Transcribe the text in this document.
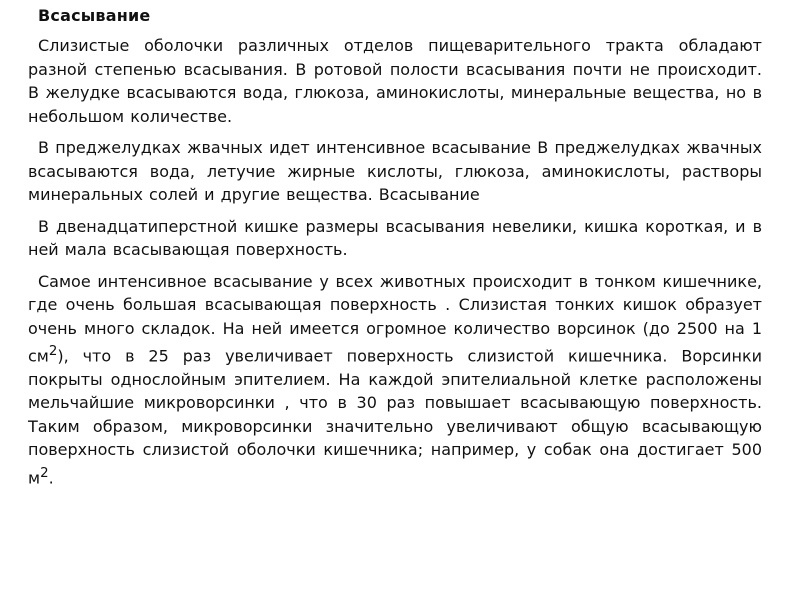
Всасывание

Слизистые оболочки различных отделов пищеварительного тракта обладают разной степенью всасывания. В ротовой полости всасывания почти не происходит. В желудке всасываются вода, глюкоза, аминокислоты, минеральные вещества, но в небольшом количестве.

В преджелудках жвачных идет интенсивное всасывание В преджелудках жвачных всасываются вода, летучие жирные кислоты, глюкоза, аминокислоты, растворы минеральных солей и другие вещества. Всасывание

В двенадцатиперстной кишке размеры всасывания невелики, кишка короткая, и в ней мала всасывающая поверхность.

Самое интенсивное всасывание у всех животных происходит в тонком кишечнике, где очень большая всасывающая поверхность . Слизистая тонких кишок образует очень много складок. На ней имеется огромное количество ворсинок (до 2500 на 1 $см^2$), что в 25 раз увеличивает поверхность слизистой кишечника. Ворсинки покрыты однослойным эпителием. На каждой эпителиальной клетке расположены мельчайшие микроворсинки , что в 30 раз повышает всасывающую поверхность. Таким образом, микроворсинки значительно увеличивают общую всасывающую поверхность слизистой оболочки кишечника; например, у собак она достигает 500 $м^2$.
